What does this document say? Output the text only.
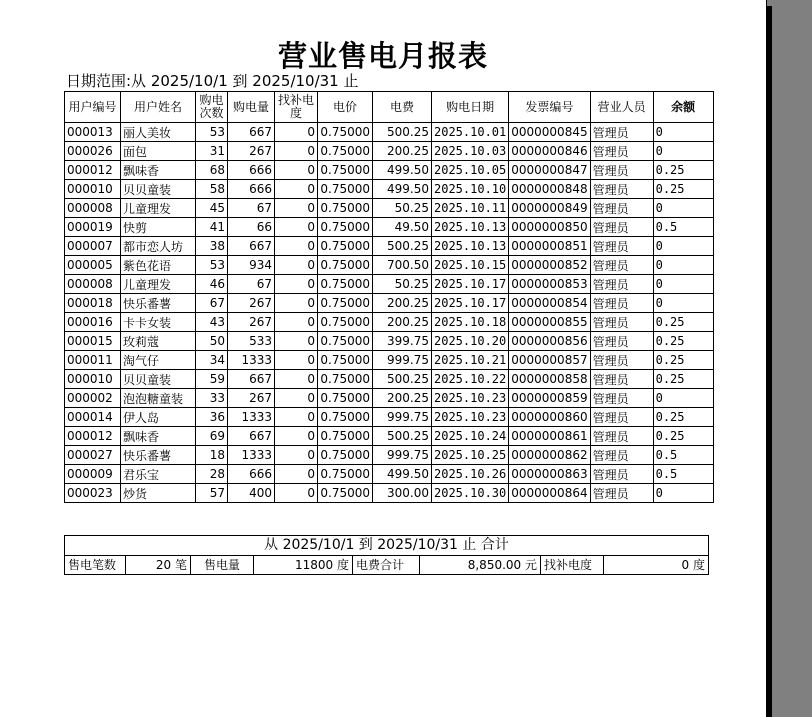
营业售电月报表
日期范围:从 2025/10/1 到 2025/10/31 止
用户编号	用户姓名	购电次数	购电量	找补电度	电价	电费	购电日期	发票编号	营业人员	余额
000013	丽人美妆	53	667	0	0.75000	500.25	2025.10.01	0000000845	管理员	0
000026	面包	31	267	0	0.75000	200.25	2025.10.03	0000000846	管理员	0
000012	飘味香	68	666	0	0.75000	499.50	2025.10.05	0000000847	管理员	0.25
000010	贝贝童装	58	666	0	0.75000	499.50	2025.10.10	0000000848	管理员	0.25
000008	儿童理发	45	67	0	0.75000	50.25	2025.10.11	0000000849	管理员	0
000019	快剪	41	66	0	0.75000	49.50	2025.10.13	0000000850	管理员	0.5
000007	都市恋人坊	38	667	0	0.75000	500.25	2025.10.13	0000000851	管理员	0
000005	紫色花语	53	934	0	0.75000	700.50	2025.10.15	0000000852	管理员	0
000008	儿童理发	46	67	0	0.75000	50.25	2025.10.17	0000000853	管理员	0
000018	快乐番薯	67	267	0	0.75000	200.25	2025.10.17	0000000854	管理员	0
000016	卡卡女装	43	267	0	0.75000	200.25	2025.10.18	0000000855	管理员	0.25
000015	玫莉蔻	50	533	0	0.75000	399.75	2025.10.20	0000000856	管理员	0.25
000011	淘气仔	34	1333	0	0.75000	999.75	2025.10.21	0000000857	管理员	0.25
000010	贝贝童装	59	667	0	0.75000	500.25	2025.10.22	0000000858	管理员	0.25
000002	泡泡糖童装	33	267	0	0.75000	200.25	2025.10.23	0000000859	管理员	0
000014	伊人岛	36	1333	0	0.75000	999.75	2025.10.23	0000000860	管理员	0.25
000012	飘味香	69	667	0	0.75000	500.25	2025.10.24	0000000861	管理员	0.25
000027	快乐番薯	18	1333	0	0.75000	999.75	2025.10.25	0000000862	管理员	0.5
000009	君乐宝	28	666	0	0.75000	499.50	2025.10.26	0000000863	管理员	0.5
000023	炒货	57	400	0	0.75000	300.00	2025.10.30	0000000864	管理员	0
从 2025/10/1 到 2025/10/31 止 合计
售电笔数	20 笔	售电量	11800 度 电费合计	8,850.00 元 找补电度	0 度
